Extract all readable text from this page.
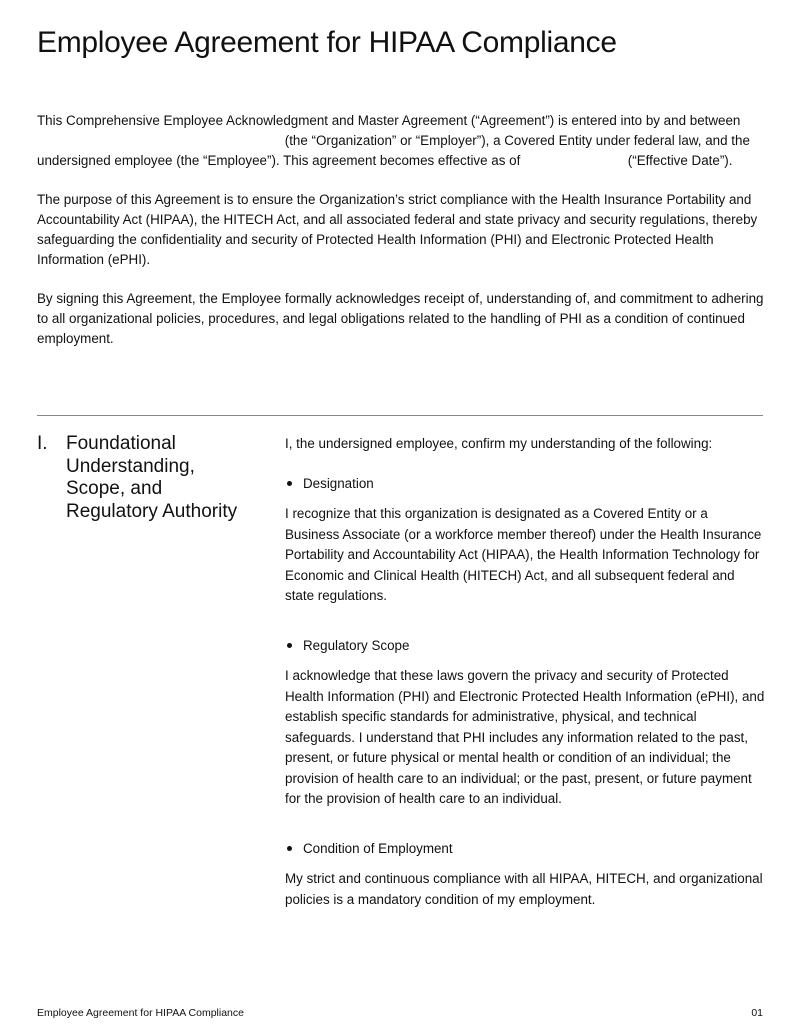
Employee Agreement for HIPAA Compliance

This Comprehensive Employee Acknowledgment and Master Agreement (“Agreement”) is entered into by and between  (the “Organization” or “Employer”), a Covered Entity under federal law, and the undersigned employee (the “Employee”). This agreement becomes effective as of	(“Effective Date”).

The purpose of this Agreement is to ensure the Organization’s strict compliance with the Health Insurance Portability and Accountability Act (HIPAA), the HITECH Act, and all associated federal and state privacy and security regulations, thereby safeguarding the confidentiality and security of Protected Health Information (PHI) and Electronic Protected Health Information (ePHI).

By signing this Agreement, the Employee formally acknowledges receipt of, understanding of, and commitment to adhering to all organizational policies, procedures, and legal obligations related to the handling of PHI as a condition of continued employment.

I. Foundational Understanding, Scope, and Regulatory Authority

I, the undersigned employee, confirm my understanding of the following:

Designation

I recognize that this organization is designated as a Covered Entity or a Business Associate (or a workforce member thereof) under the Health Insurance Portability and Accountability Act (HIPAA), the Health Information Technology for Economic and Clinical Health (HITECH) Act, and all subsequent federal and state regulations.

Regulatory Scope

I acknowledge that these laws govern the privacy and security of Protected Health Information (PHI) and Electronic Protected Health Information (ePHI), and establish specific standards for administrative, physical, and technical safeguards. I understand that PHI includes any information related to the past, present, or future physical or mental health or condition of an individual; the provision of health care to an individual; or the past, present, or future payment for the provision of health care to an individual.

Condition of Employment

My strict and continuous compliance with all HIPAA, HITECH, and organizational policies is a mandatory condition of my employment.

Employee Agreement for HIPAA Compliance	01
